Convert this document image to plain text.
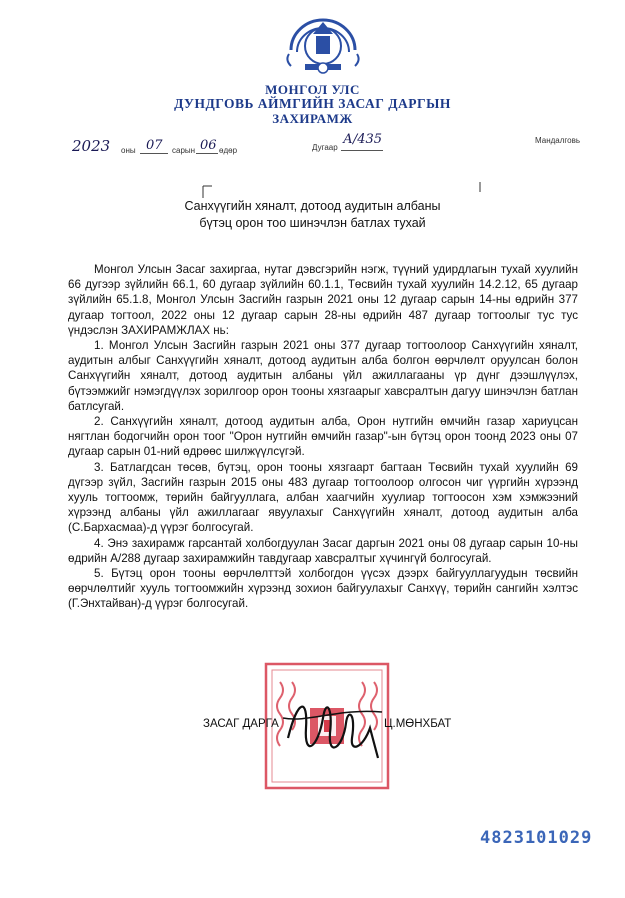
МОНГОЛ УЛС
ДУНДГОВЬ АЙМГИЙН ЗАСАГ ДАРГЫН
ЗАХИРАМЖ
2023 оны 07 сарын 06 өдөр	Дугаар
А/435	Мандалговь
Санхүүгийн хяналт, дотоод аудитын албаны
бүтэц орон тоо шинэчлэн батлах тухай

Монгол Улсын Засаг захиргаа, нутаг дэвсгэрийн нэгж, түүний удирдлагын тухай хуулийн 66 дугээр зүйлийн 66.1, 60 дугаар зүйлийн 60.1.1, Төсвийн тухай хуулийн 14.2.12, 65 дугаар зүйлийн 65.1.8, Монгол Улсын Засгийн газрын 2021 оны 12 дугаар сарын 14-ны өдрийн 377 дугаар тогтоол, 2022 оны 12 дугаар сарын 28-ны өдрийн 487 дугаар тогтоолыг тус тус үндэслэн ЗАХИРАМЖЛАХ нь:

1. Монгол Улсын Засгийн газрын 2021 оны 377 дугаар тогтоолоор Санхүүгийн хяналт, аудитын албыг Санхүүгийн хяналт, дотоод аудитын алба болгон өөрчлөлт оруулсан болон Санхүүгийн хяналт, дотоод аудитын албаны үйл ажиллагааны үр дүнг дээшлүүлэх, бүтээмжийг нэмэгдүүлэх зорилгоор орон тооны хязгаарыг хавсралтын дагуу шинэчлэн батлан батлсугай.

2. Санхүүгийн хяналт, дотоод аудитын алба, Орон нутгийн өмчийн газар хариуцсан нягтлан бодогчийн орон тоог "Орон нутгийн өмчийн газар"-ын бүтэц орон тоонд 2023 оны 07 дугаар сарын 01-ний өдрөөс шилжүүлсүгэй.

3. Батлагдсан төсөв, бүтэц, орон тооны хязгаарт багтаан Төсвийн тухай хуулийн 69 дүгээр зүйл, Засгийн газрын 2015 оны 483 дугаар тогтоолоор олгосон чиг үүргийн хүрээнд хууль тогтоомж, төрийн байгууллага, албан хаагчийн хуулиар тогтоосон хэм хэмжээний хүрээнд албаны үйл ажиллагааг явуулахыг Санхүүгийн хяналт, дотоод аудитын алба (С.Бархасмаа)-д үүрэг болгосугай.

4. Энэ захирамж гарсантай холбогдуулан Засаг даргын 2021 оны 08 дугаар сарын 10-ны өдрийн А/288 дугаар захирамжийн тавдугаар хавсралтыг хүчингүй болгосугай.

5. Бүтэц орон тооны өөрчлөлттэй холбогдон үүсэх дээрх байгууллагуудын төсвийн өөрчлөлтийг хууль тогтоомжийн хүрээнд зохион байгуулахыг Санхүү, төрийн сангийн хэлтэс (Г.Энхтайван)-д үүрэг болгосугай.

ЗАСАГ ДАРГА	Ц.МӨНХБАТ
4823101029
